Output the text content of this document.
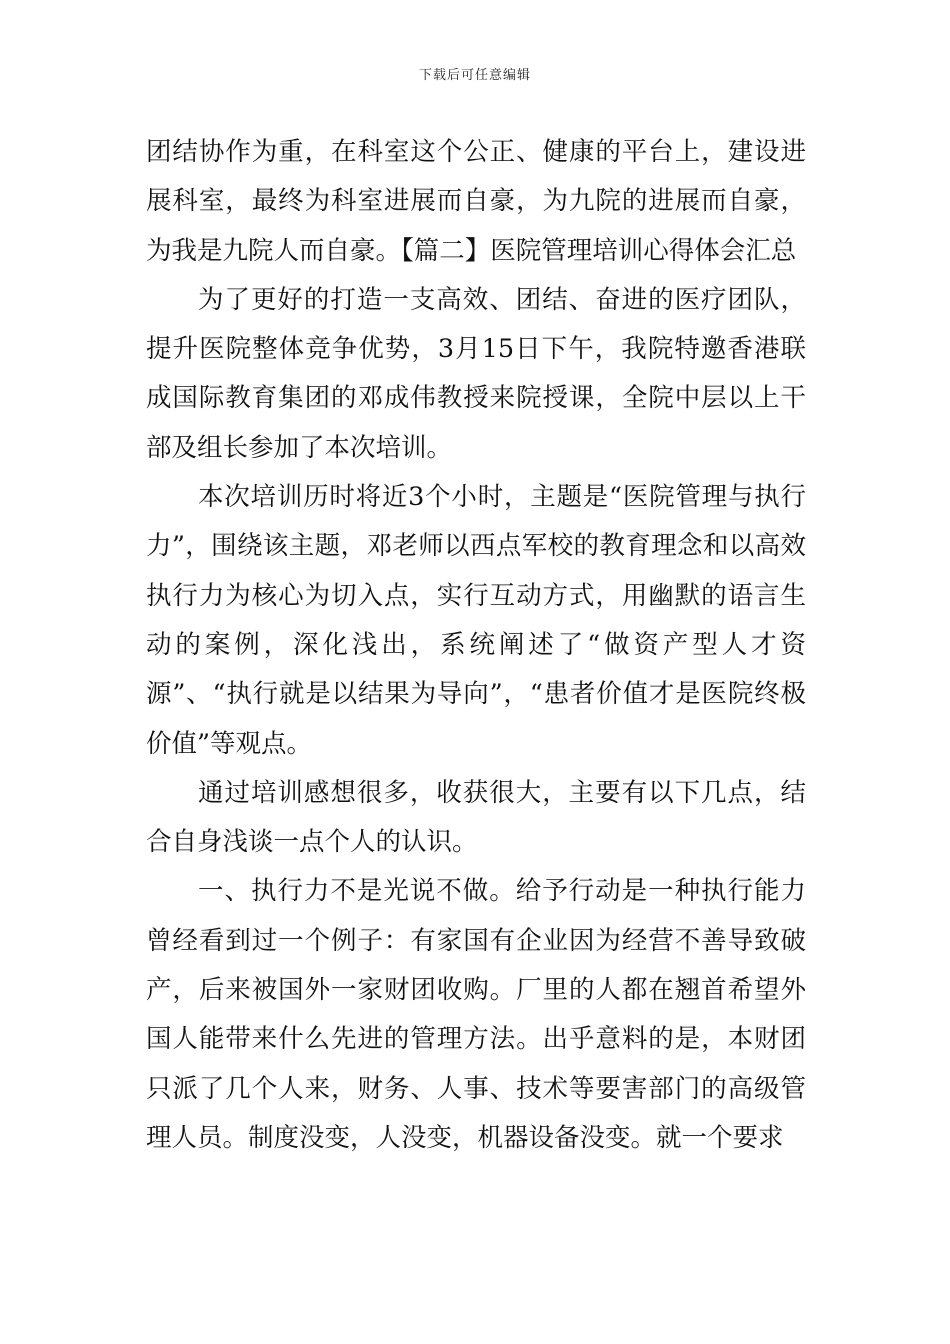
下载后可任意编辑

团结协作为重，在科室这个公正、健康的平台上，建设进展科室，最终为科室进展而自豪，为九院的进展而自豪，为我是九院人而自豪。【篇二】医院管理培训心得体会汇总

为了更好的打造一支高效、团结、奋进的医疗团队，提升医院整体竞争优势，3月15日下午，我院特邀香港联成国际教育集团的邓成伟教授来院授课，全院中层以上干部及组长参加了本次培训。

本次培训历时将近3个小时，主题是“医院管理与执行力”，围绕该主题，邓老师以西点军校的教育理念和以高效执行力为核心为切入点，实行互动方式，用幽默的语言生动的案例，深化浅出，系统阐述了“做资产型人才资源”、“执行就是以结果为导向”，“患者价值才是医院终极价值”等观点。

通过培训感想很多，收获很大，主要有以下几点，结合自身浅谈一点个人的认识。

一、执行力不是光说不做。给予行动是一种执行能力曾经看到过一个例子：有家国有企业因为经营不善导致破产，后来被国外一家财团收购。厂里的人都在翘首希望外国人能带来什么先进的管理方法。出乎意料的是，本财团只派了几个人来，财务、人事、技术等要害部门的高级管理人员。制度没变，人没变，机器设备没变。就一个要求
